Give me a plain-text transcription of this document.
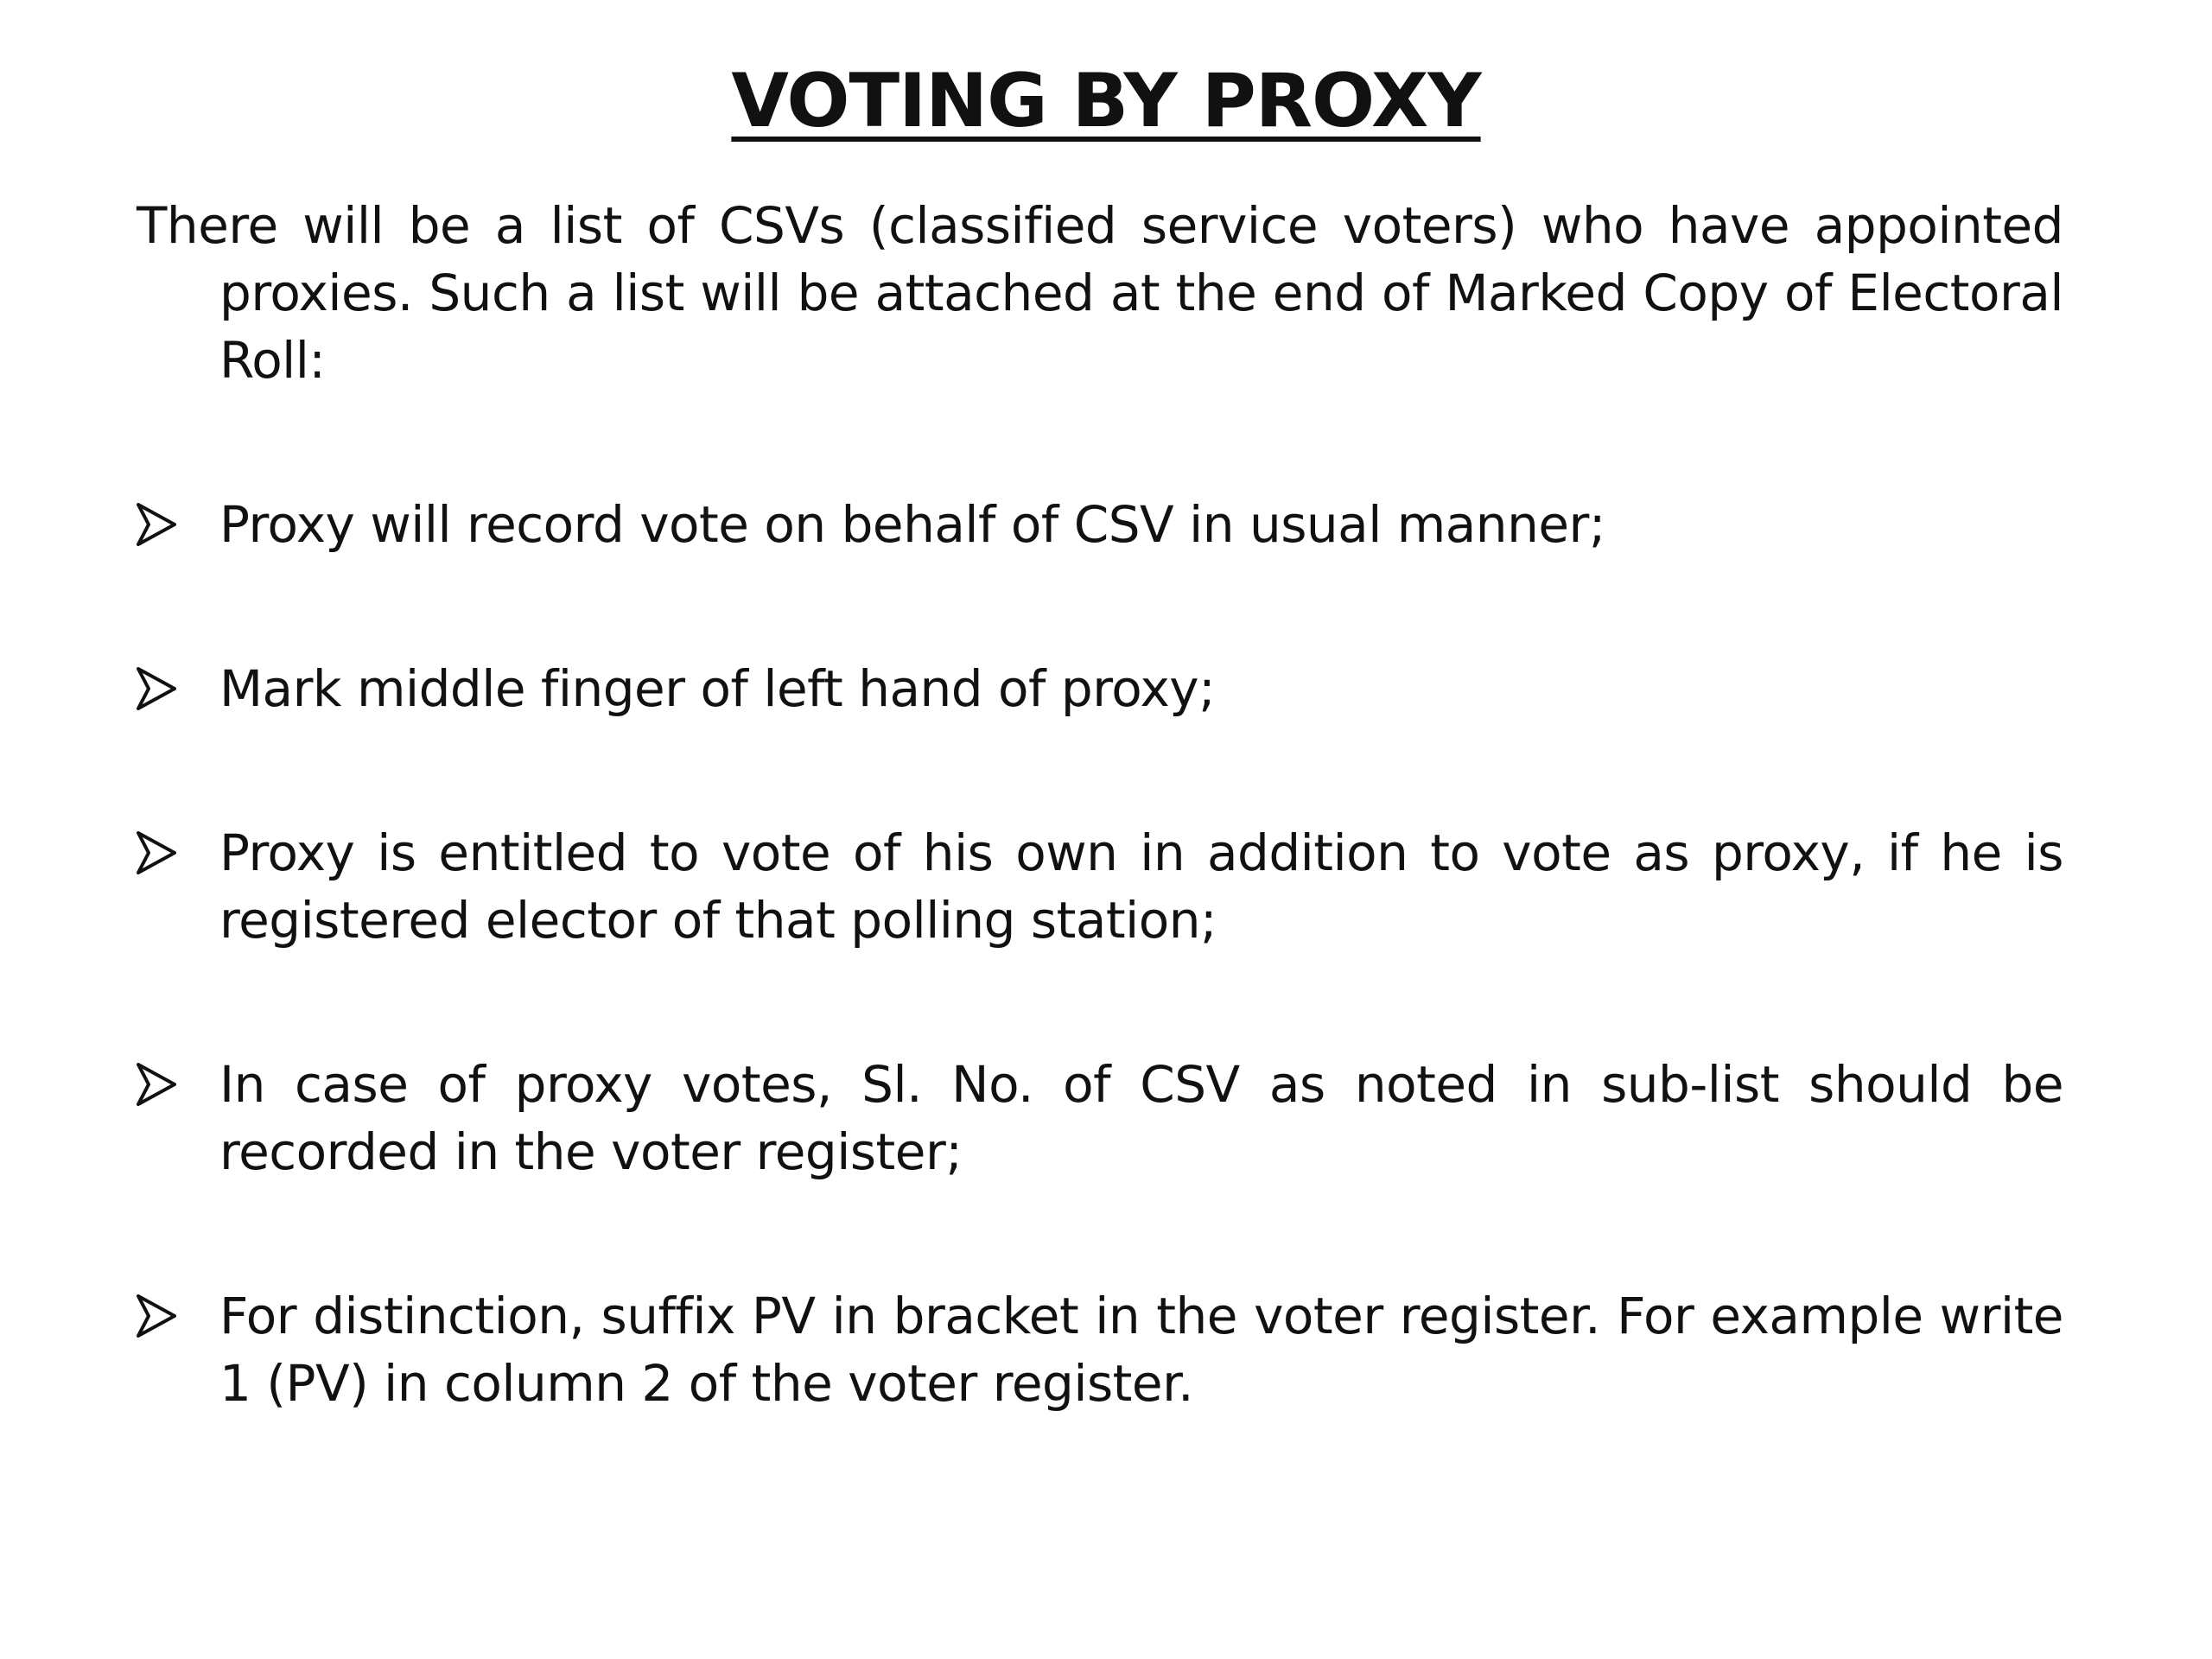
VOTING BY PROXY
There will be a list of CSVs (classified service voters) who have appointed proxies. Such a list will be attached at the end of Marked Copy of Electoral Roll:
Proxy will record vote on behalf of CSV in usual manner;
Mark middle finger of left hand of proxy;
Proxy is entitled to vote of his own in addition to vote as proxy, if he is registered elector of that polling station;
In case of proxy votes, Sl. No. of CSV as noted in sub-list should be recorded in the voter register;
For distinction, suffix PV in bracket in the voter register. For example write 1 (PV) in column 2 of the voter register.
